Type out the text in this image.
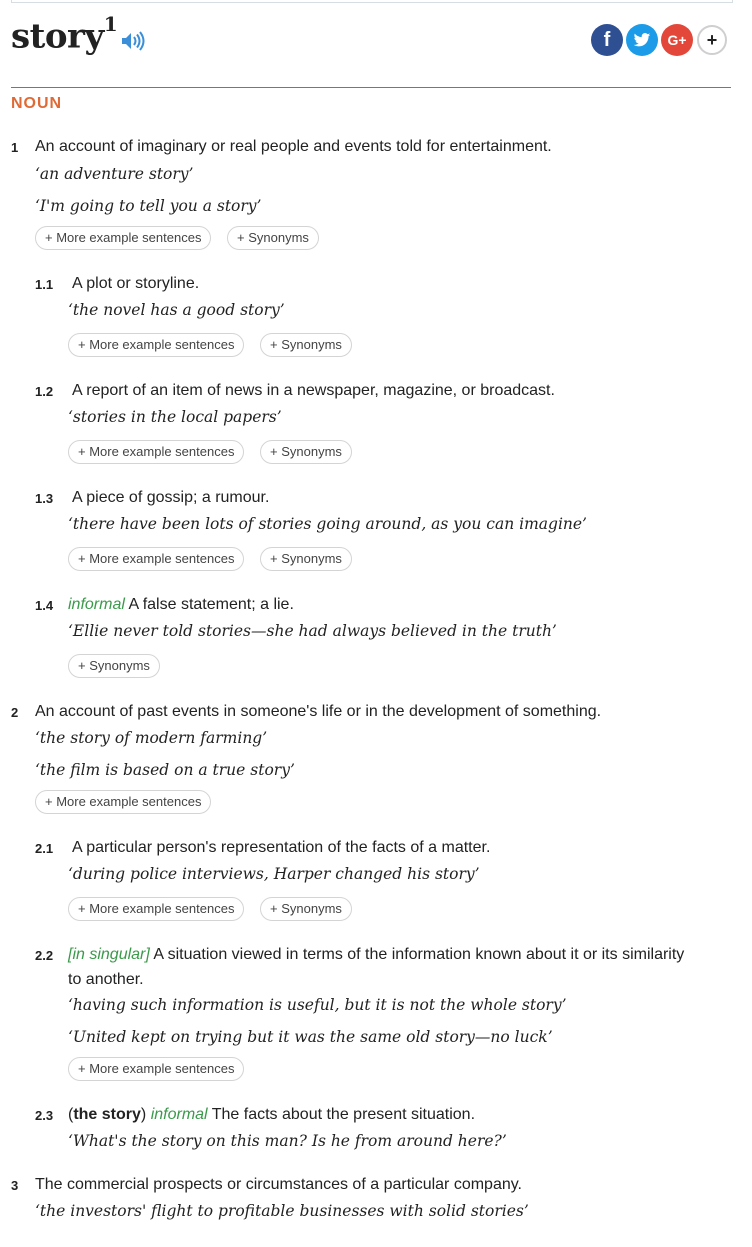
story$^1$
f	G+ +
NOUN
1 An account of imaginary or real people and events told for entertainment.
‘an adventure story’
‘I'm going to tell you a story’
+ More example sentences	+ Synonyms
1.1 A plot or storyline.
‘the novel has a good story’
+ More example sentences	+ Synonyms
1.2 A report of an item of news in a newspaper, magazine, or broadcast.
‘stories in the local papers’
+ More example sentences	+ Synonyms
1.3 A piece of gossip; a rumour.
‘there have been lots of stories going around, as you can imagine’
+ More example sentences	+ Synonyms
1.4 informal A false statement; a lie.
‘Ellie never told stories—she had always believed in the truth’
+ Synonyms
2 An account of past events in someone's life or in the development of something.
‘the story of modern farming’
‘the film is based on a true story’
+ More example sentences
2.1 A particular person's representation of the facts of a matter.
‘during police interviews, Harper changed his story’
+ More example sentences	+ Synonyms
2.2 [in singular] A situation viewed in terms of the information known about it or its similarity
to another.
‘having such information is useful, but it is not the whole story’
‘United kept on trying but it was the same old story—no luck’
+ More example sentences
2.3 (the story) informal The facts about the present situation.
‘What's the story on this man? Is he from around here?’
3 The commercial prospects or circumstances of a particular company.
‘the investors' flight to profitable businesses with solid stories’
